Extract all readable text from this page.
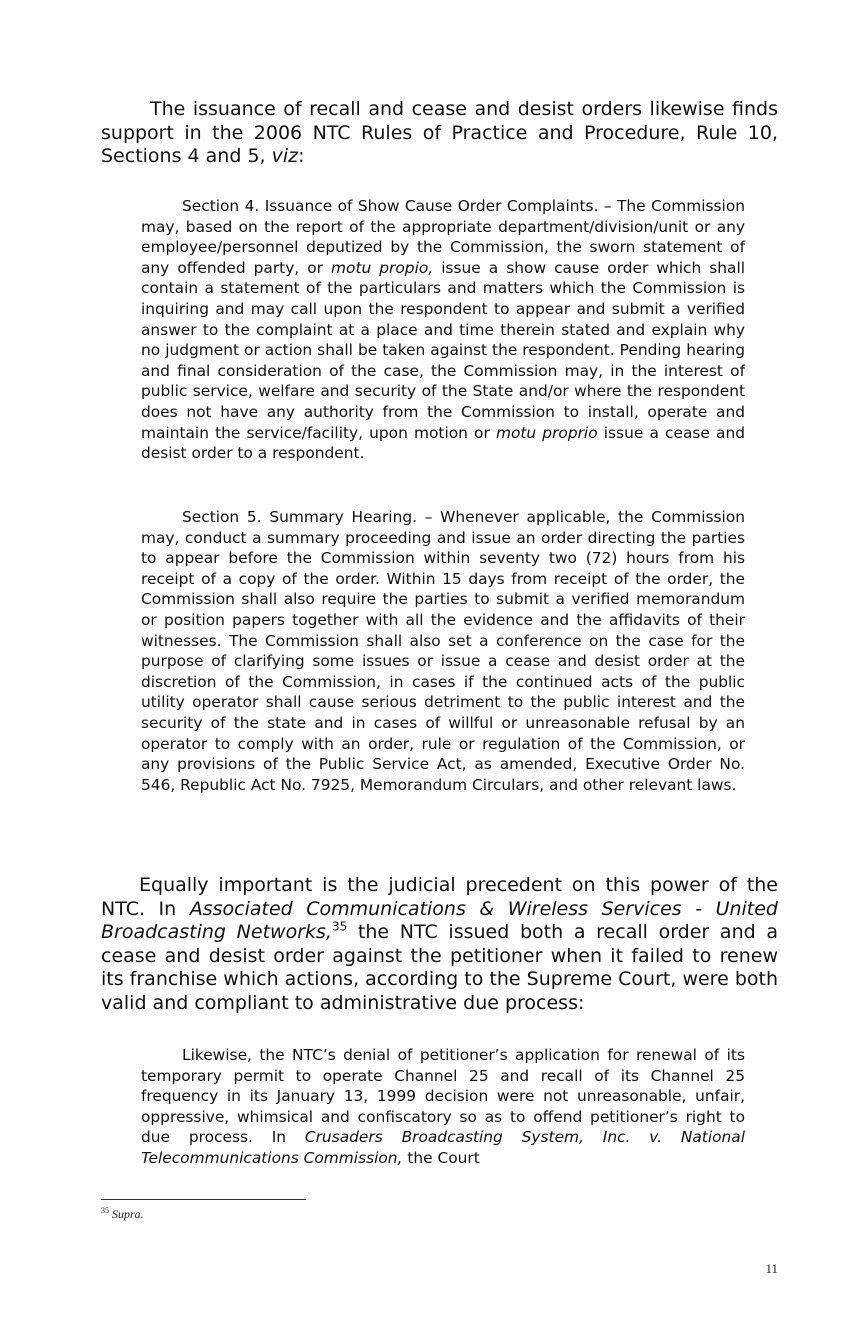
The issuance of recall and cease and desist orders likewise finds support in the 2006 NTC Rules of Practice and Procedure, Rule 10, Sections 4 and 5, viz:

Section 4. Issuance of Show Cause Order Complaints. – The Commission may, based on the report of the appropriate department/division/unit or any employee/personnel deputized by the Commission, the sworn statement of any offended party, or motu propio, issue a show cause order which shall contain a statement of the particulars and matters which the Commission is inquiring and may call upon the respondent to appear and submit a verified answer to the complaint at a place and time therein stated and explain why no judgment or action shall be taken against the respondent. Pending hearing and final consideration of the case, the Commission may, in the interest of public service, welfare and security of the State and/or where the respondent does not have any authority from the Commission to install, operate and maintain the service/facility, upon motion or motu proprio issue a cease and desist order to a respondent.

Section 5. Summary Hearing. – Whenever applicable, the Commission may, conduct a summary proceeding and issue an order directing the parties to appear before the Commission within seventy two (72) hours from his receipt of a copy of the order. Within 15 days from receipt of the order, the Commission shall also require the parties to submit a verified memorandum or position papers together with all the evidence and the affidavits of their witnesses. The Commission shall also set a conference on the case for the purpose of clarifying some issues or issue a cease and desist order at the discretion of the Commission, in cases if the continued acts of the public utility operator shall cause serious detriment to the public interest and the security of the state and in cases of willful or unreasonable refusal by an operator to comply with an order, rule or regulation of the Commission, or any provisions of the Public Service Act, as amended, Executive Order No. 546, Republic Act No. 7925, Memorandum Circulars, and other relevant laws.

Equally important is the judicial precedent on this power of the NTC. In Associated Communications & Wireless Services - United Broadcasting Networks,$^{35}$ the NTC issued both a recall order and a cease and desist order against the petitioner when it failed to renew its franchise which actions, according to the Supreme Court, were both valid and compliant to administrative due process:

Likewise, the NTC’s denial of petitioner’s application for renewal of its temporary permit to operate Channel 25 and recall of its Channel 25 frequency in its January 13, 1999 decision were not unreasonable, unfair, oppressive, whimsical and confiscatory so as to offend petitioner’s right to due process. In Crusaders Broadcasting System, Inc. v. National Telecommunications Commission, the Court

$^{35}$ Supra.
11
